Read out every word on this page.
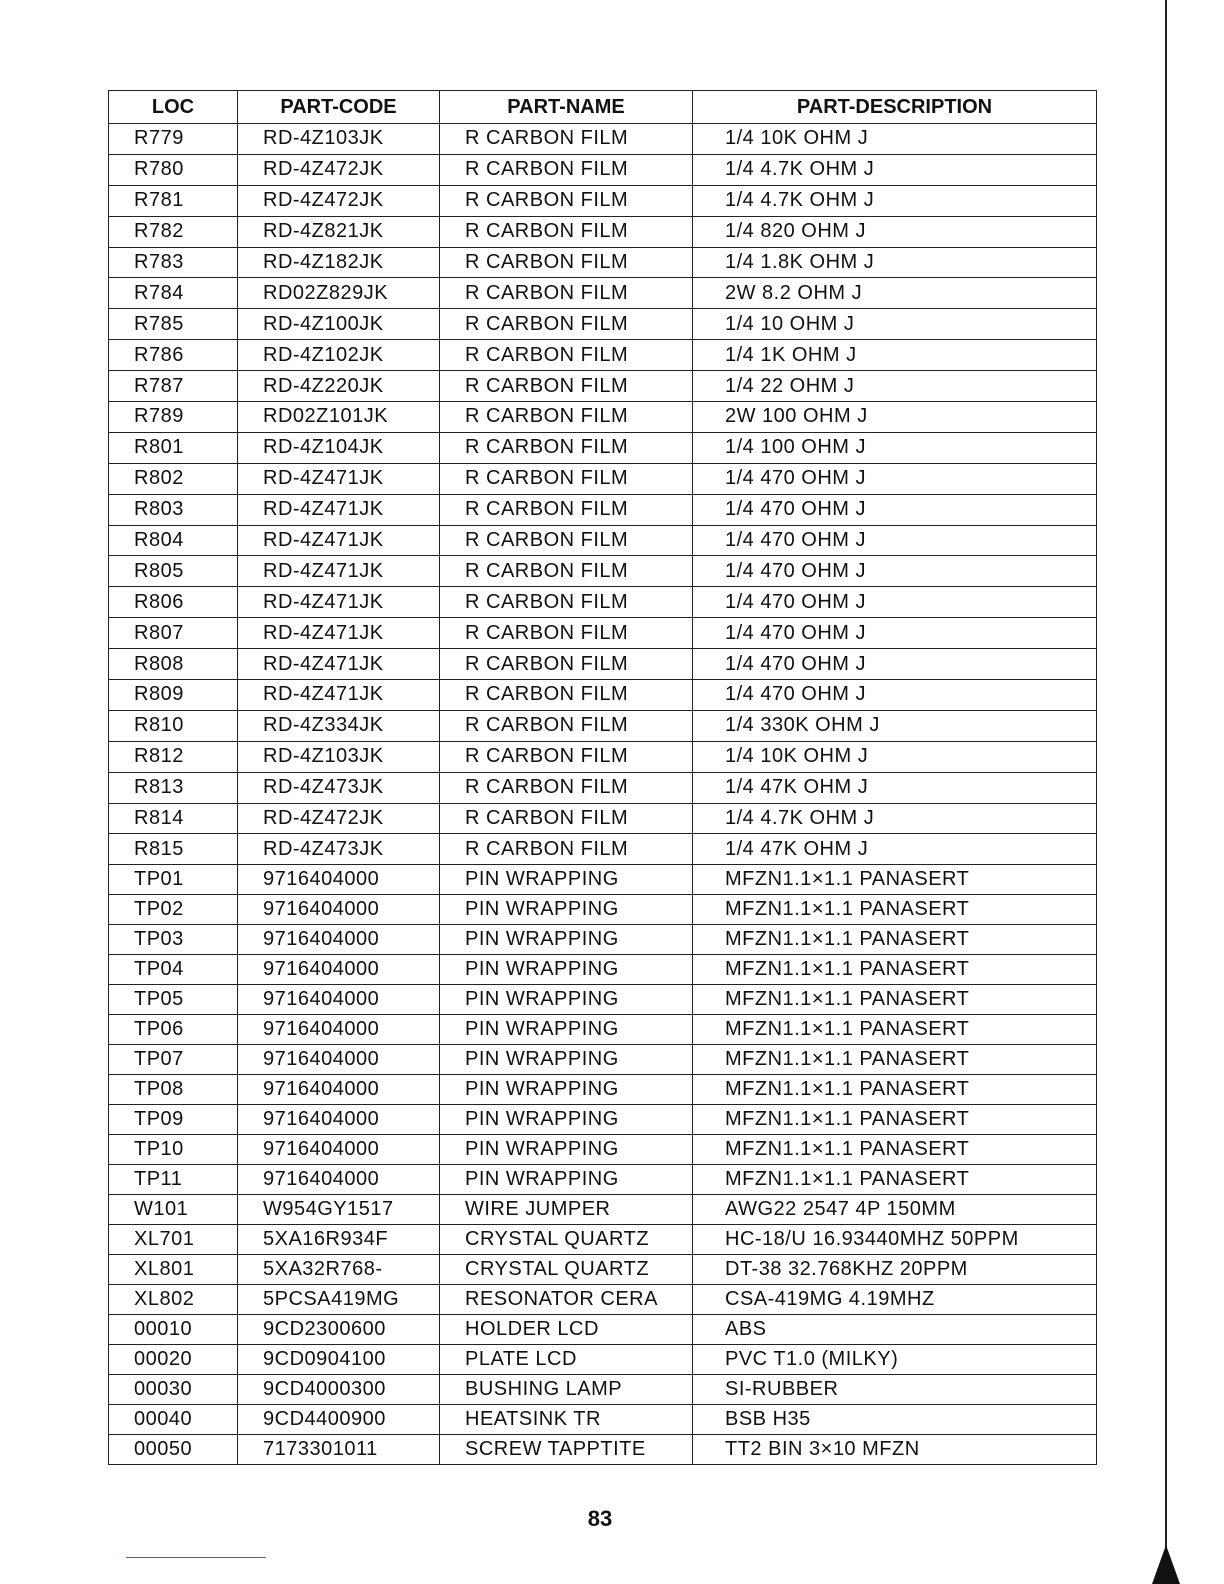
LOC	PART-CODE	PART-NAME	PART-DESCRIPTION
R779	RD-4Z103JK	R CARBON FILM	1/4 10K OHM J
R780	RD-4Z472JK	R CARBON FILM	1/4 4.7K OHM J
R781	RD-4Z472JK	R CARBON FILM	1/4 4.7K OHM J
R782	RD-4Z821JK	R CARBON FILM	1/4 820 OHM J
R783	RD-4Z182JK	R CARBON FILM	1/4 1.8K OHM J
R784	RD02Z829JK	R CARBON FILM	2W 8.2 OHM J
R785	RD-4Z100JK	R CARBON FILM	1/4 10 OHM J
R786	RD-4Z102JK	R CARBON FILM	1/4 1K OHM J
R787	RD-4Z220JK	R CARBON FILM	1/4 22 OHM J
R789	RD02Z101JK	R CARBON FILM	2W 100 OHM J
R801	RD-4Z104JK	R CARBON FILM	1/4 100 OHM J
R802	RD-4Z471JK	R CARBON FILM	1/4 470 OHM J
R803	RD-4Z471JK	R CARBON FILM	1/4 470 OHM J
R804	RD-4Z471JK	R CARBON FILM	1/4 470 OHM J
R805	RD-4Z471JK	R CARBON FILM	1/4 470 OHM J
R806	RD-4Z471JK	R CARBON FILM	1/4 470 OHM J
R807	RD-4Z471JK	R CARBON FILM	1/4 470 OHM J
R808	RD-4Z471JK	R CARBON FILM	1/4 470 OHM J
R809	RD-4Z471JK	R CARBON FILM	1/4 470 OHM J
R810	RD-4Z334JK	R CARBON FILM	1/4 330K OHM J
R812	RD-4Z103JK	R CARBON FILM	1/4 10K OHM J
R813	RD-4Z473JK	R CARBON FILM	1/4 47K OHM J
R814	RD-4Z472JK	R CARBON FILM	1/4 4.7K OHM J
R815	RD-4Z473JK	R CARBON FILM	1/4 47K OHM J
TP01	9716404000	PIN WRAPPING	MFZN1.1×1.1 PANASERT
TP02	9716404000	PIN WRAPPING	MFZN1.1×1.1 PANASERT
TP03	9716404000	PIN WRAPPING	MFZN1.1×1.1 PANASERT
TP04	9716404000	PIN WRAPPING	MFZN1.1×1.1 PANASERT
TP05	9716404000	PIN WRAPPING	MFZN1.1×1.1 PANASERT
TP06	9716404000	PIN WRAPPING	MFZN1.1×1.1 PANASERT
TP07	9716404000	PIN WRAPPING	MFZN1.1×1.1 PANASERT
TP08	9716404000	PIN WRAPPING	MFZN1.1×1.1 PANASERT
TP09	9716404000	PIN WRAPPING	MFZN1.1×1.1 PANASERT
TP10	9716404000	PIN WRAPPING	MFZN1.1×1.1 PANASERT
TP11	9716404000	PIN WRAPPING	MFZN1.1×1.1 PANASERT
W101	W954GY1517	WIRE JUMPER	AWG22 2547 4P 150MM
XL701	5XA16R934F	CRYSTAL QUARTZ	HC-18/U 16.93440MHZ 50PPM
XL801	5XA32R768-	CRYSTAL QUARTZ	DT-38 32.768KHZ 20PPM
XL802	5PCSA419MG	RESONATOR CERA	CSA-419MG 4.19MHZ
00010	9CD2300600	HOLDER LCD	ABS
00020	9CD0904100	PLATE LCD	PVC T1.0 (MILKY)
00030	9CD4000300	BUSHING LAMP	SI-RUBBER
00040	9CD4400900	HEATSINK TR	BSB H35
00050	7173301011	SCREW TAPPTITE	TT2 BIN 3×10 MFZN
83
